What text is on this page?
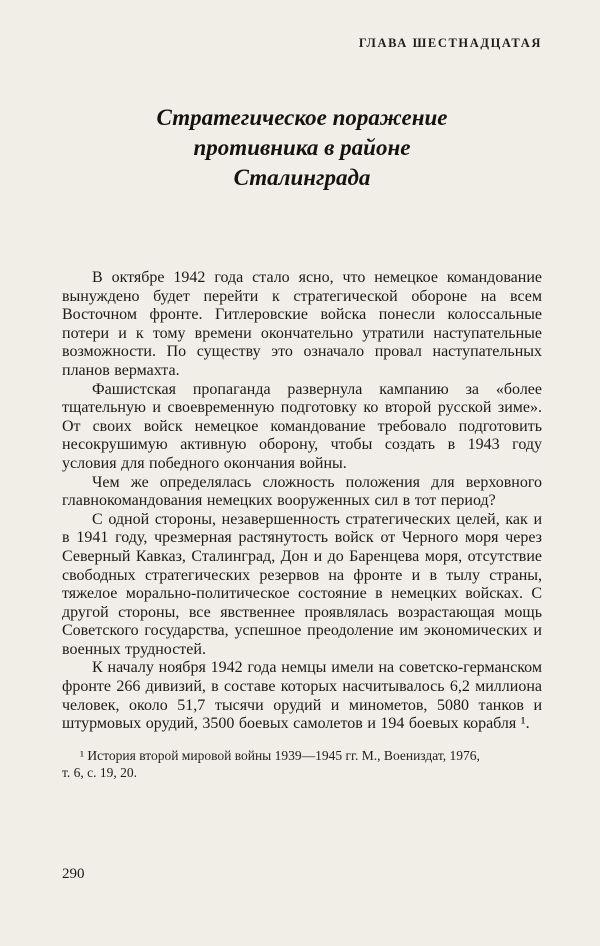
ГЛАВА ШЕСТНАДЦАТАЯ
Стратегическое поражение
противника в районе
Сталинграда

В октябре 1942 года стало ясно, что немецкое командование вынуждено будет перейти к стратегической обороне на всем Восточном фронте. Гитлеровские войска понесли колоссальные потери и к тому времени окончательно утратили наступательные возможности. По существу это означало провал наступательных планов вермахта.

Фашистская пропаганда развернула кампанию за «более тщательную и своевременную подготовку ко второй русской зиме». От своих войск немецкое командование требовало подготовить несокрушимую активную оборону, чтобы создать в 1943 году условия для победного окончания войны.

Чем же определялась сложность положения для верховного главнокомандования немецких вооруженных сил в тот период?

С одной стороны, незавершенность стратегических целей, как и в 1941 году, чрезмерная растянутость войск от Черного моря через Северный Кавказ, Сталинград, Дон и до Баренцева моря, отсутствие свободных стратегических резервов на фронте и в тылу страны, тяжелое морально-политическое состояние в немецких войсках. С другой стороны, все явственнее проявлялась возрастающая мощь Советского государства, успешное преодоление им экономических и военных трудностей.

К началу ноября 1942 года немцы имели на советско-германском фронте 266 дивизий, в составе которых насчитывалось 6,2 миллиона человек, около 51,7 тысячи орудий и минометов, 5080 танков и штурмовых орудий, 3500 боевых самолетов и 194 боевых корабля ¹.

¹ История второй мировой войны 1939—1945 гг. М., Воениздат, 1976,
т. 6, с. 19, 20.
290
